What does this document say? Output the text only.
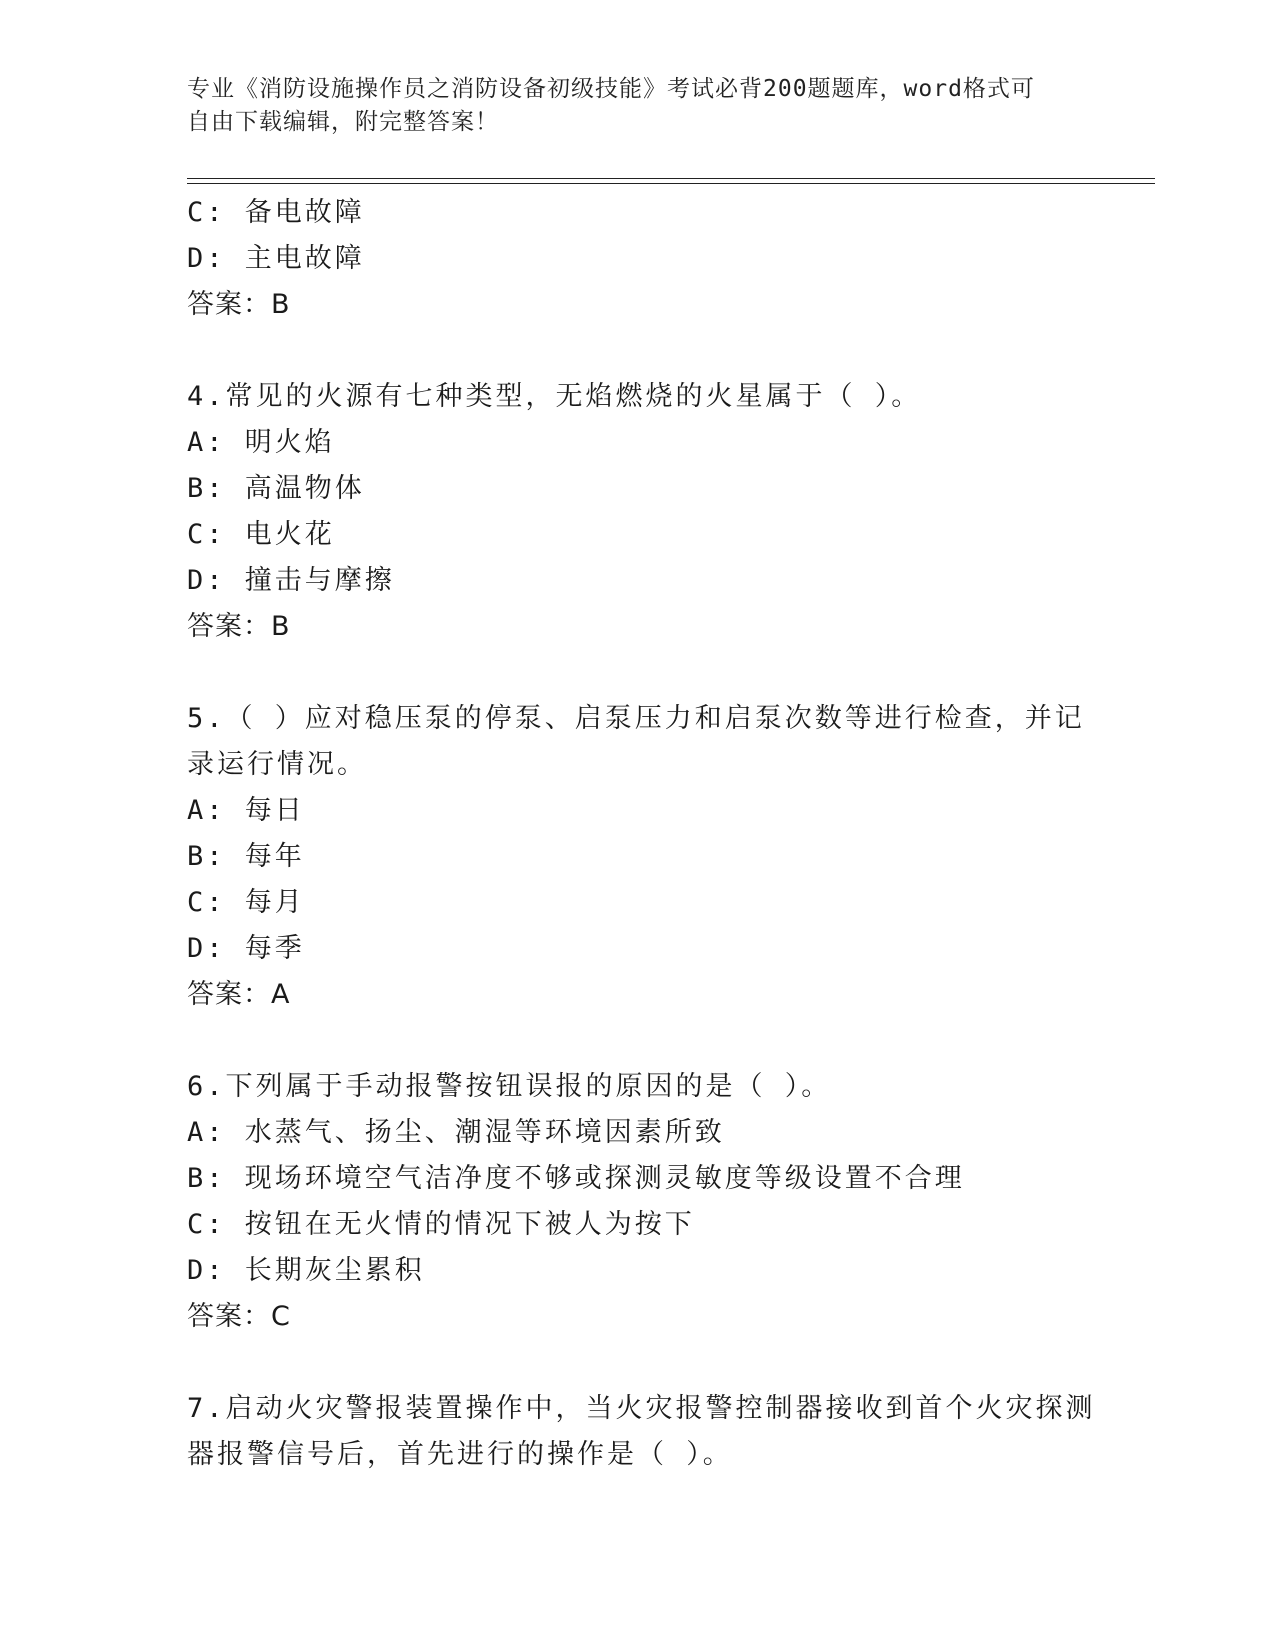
专业《消防设施操作员之消防设备初级技能》考试必背200题题库，word格式可
自由下载编辑，附完整答案！
C: 备电故障
D: 主电故障
答案：B
4.常见的火源有七种类型，无焰燃烧的火星属于（ ）。
A: 明火焰
B: 高温物体
C: 电火花
D: 撞击与摩擦
答案：B
5.（ ）应对稳压泵的停泵、启泵压力和启泵次数等进行检查，并记
录运行情况。
A: 每日
B: 每年
C: 每月
D: 每季
答案：A
6.下列属于手动报警按钮误报的原因的是（ ）。
A: 水蒸气、扬尘、潮湿等环境因素所致
B: 现场环境空气洁净度不够或探测灵敏度等级设置不合理
C: 按钮在无火情的情况下被人为按下
D: 长期灰尘累积
答案：C
7.启动火灾警报装置操作中，当火灾报警控制器接收到首个火灾探测
器报警信号后，首先进行的操作是（ ）。
